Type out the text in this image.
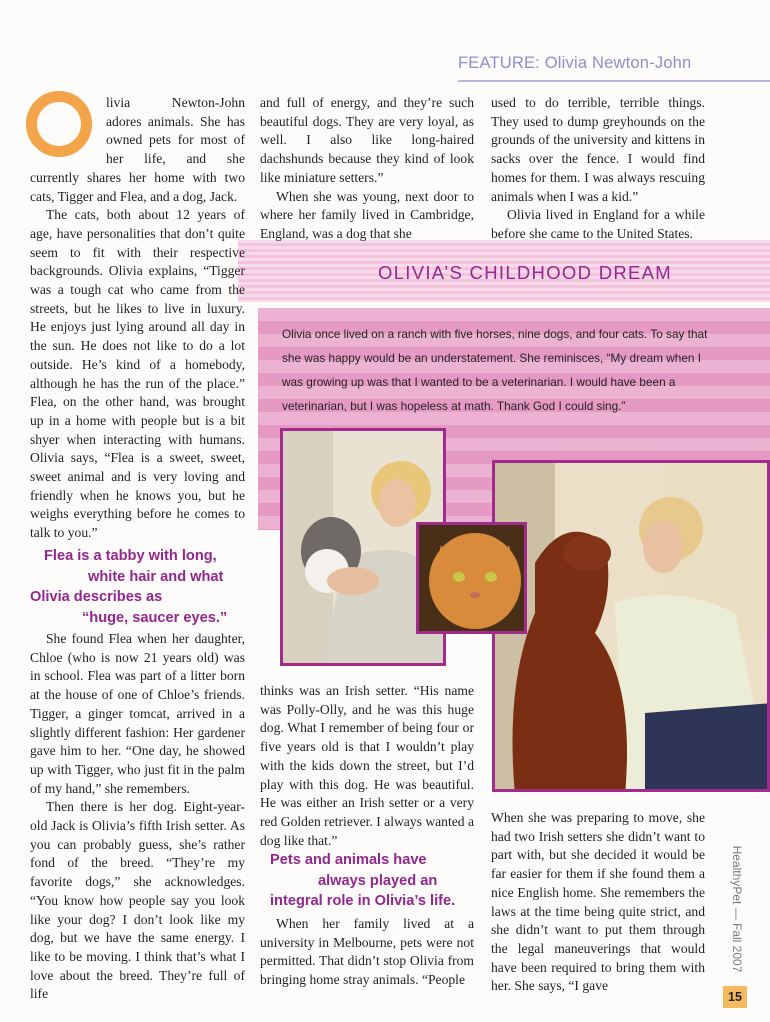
FEATURE: Olivia Newton-John
OLIVIA’S CHILDHOOD DREAM
Olivia once lived on a ranch with five horses, nine dogs, and four cats. To say that
she was happy would be an understatement. She reminisces, “My dream when I
was growing up was that I wanted to be a veterinarian. I would have been a
veterinarian, but I was hopeless at math. Thank God I could sing.”

livia Newton-John adores animals. She has owned pets for most of her life, and she currently shares her home with two cats, Tigger and Flea, and a dog, Jack.

The cats, both about 12 years of age, have personalities that don’t quite seem to fit with their respective backgrounds. Olivia explains, “Tigger was a tough cat who came from the streets, but he likes to live in luxury. He enjoys just lying around all day in the sun. He does not like to do a lot outside. He’s kind of a homebody, although he has the run of the place.” Flea, on the other hand, was brought up in a home with people but is a bit shyer when interacting with humans. Olivia says, “Flea is a sweet, sweet, sweet animal and is very loving and friendly when he knows you, but he weighs everything before he comes to talk to you.”

Flea is a tabby with long,
white hair and what
Olivia describes as
“huge, saucer eyes.”

She found Flea when her daughter, Chloe (who is now 21 years old) was in school. Flea was part of a litter born at the house of one of Chloe’s friends. Tigger, a ginger tomcat, arrived in a slightly different fashion: Her gardener gave him to her. “One day, he showed up with Tigger, who just fit in the palm of my hand,” she remembers.

Then there is her dog. Eight-year-old Jack is Olivia’s fifth Irish setter. As you can probably guess, she’s rather fond of the breed. “They’re my favorite dogs,” she acknowledges. “You know how people say you look like your dog? I don’t look like my dog, but we have the same energy. I like to be moving. I think that’s what I love about the breed. They’re full of life

and full of energy, and they’re such beautiful dogs. They are very loyal, as well. I also like long-haired dachshunds because they kind of look like miniature setters.”

When she was young, next door to where her family lived in Cambridge, England, was a dog that she

used to do terrible, terrible things. They used to dump greyhounds on the grounds of the university and kittens in sacks over the fence. I would find homes for them. I was always rescuing animals when I was a kid.”

Olivia lived in England for a while before she came to the United States.

thinks was an Irish setter. “His name was Polly-Olly, and he was this huge dog. What I remember of being four or five years old is that I wouldn’t play with the kids down the street, but I’d play with this dog. He was beautiful. He was either an Irish setter or a very red Golden retriever. I always wanted a dog like that.”

Pets and animals have
always played an
integral role in Olivia’s life.

When her family lived at a university in Melbourne, pets were not permitted. That didn’t stop Olivia from bringing home stray animals. “People

When she was preparing to move, she had two Irish setters she didn’t want to part with, but she decided it would be far easier for them if she found them a nice English home. She remembers the laws at the time being quite strict, and she didn’t want to put them through the legal maneuverings that would have been required to bring them with her. She says, “I gave

HealthyPet — Fall 2007
15
